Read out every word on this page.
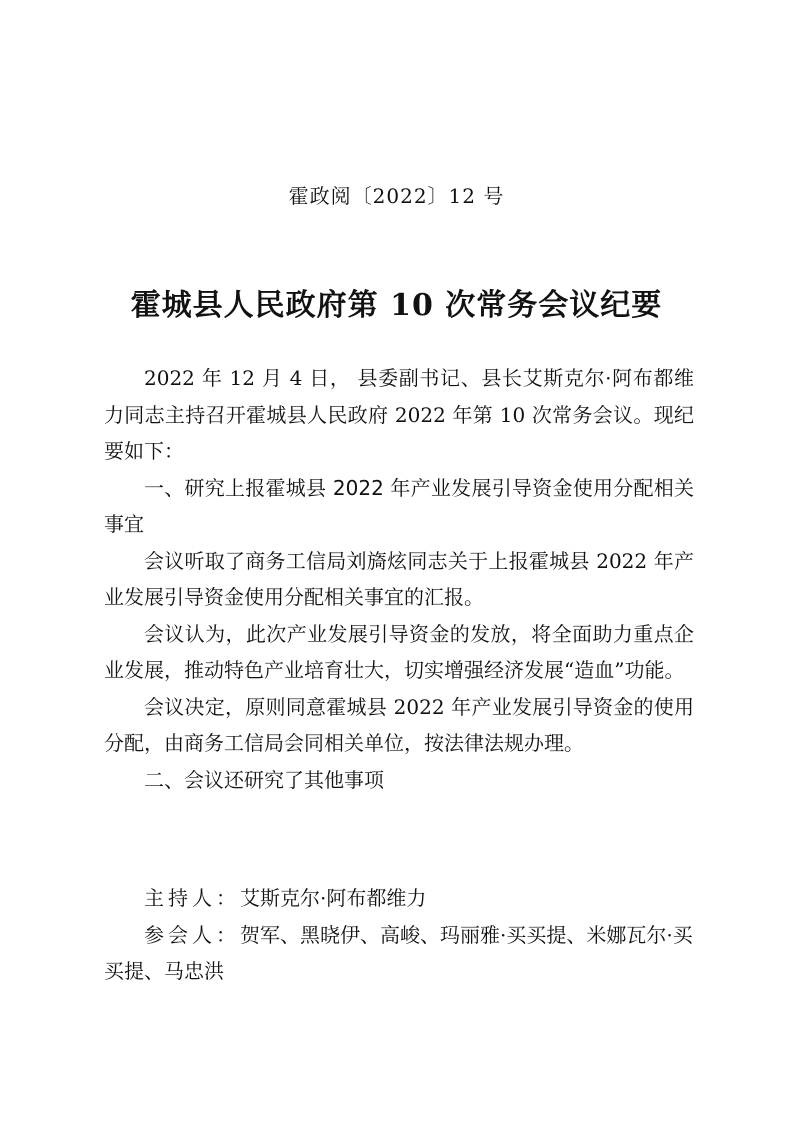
霍政阅〔2022〕12 号
霍城县人民政府第 10 次常务会议纪要

2022 年 12 月 4 日， 县委副书记、县长艾斯克尔·阿布都维力同志主持召开霍城县人民政府 2022 年第 10 次常务会议。现纪要如下：

一、研究上报霍城县 2022 年产业发展引导资金使用分配相关事宜

会议听取了商务工信局刘旖炫同志关于上报霍城县 2022 年产业发展引导资金使用分配相关事宜的汇报。

会议认为，此次产业发展引导资金的发放，将全面助力重点企业发展，推动特色产业培育壮大，切实增强经济发展“造血”功能。

会议决定，原则同意霍城县 2022 年产业发展引导资金的使用分配，由商务工信局会同相关单位，按法律法规办理。

二、会议还研究了其他事项

主持人：艾斯克尔·阿布都维力

参会人：贺军、黑晓伊、高峻、玛丽雅·买买提、米娜瓦尔·买买提、马忠洪
